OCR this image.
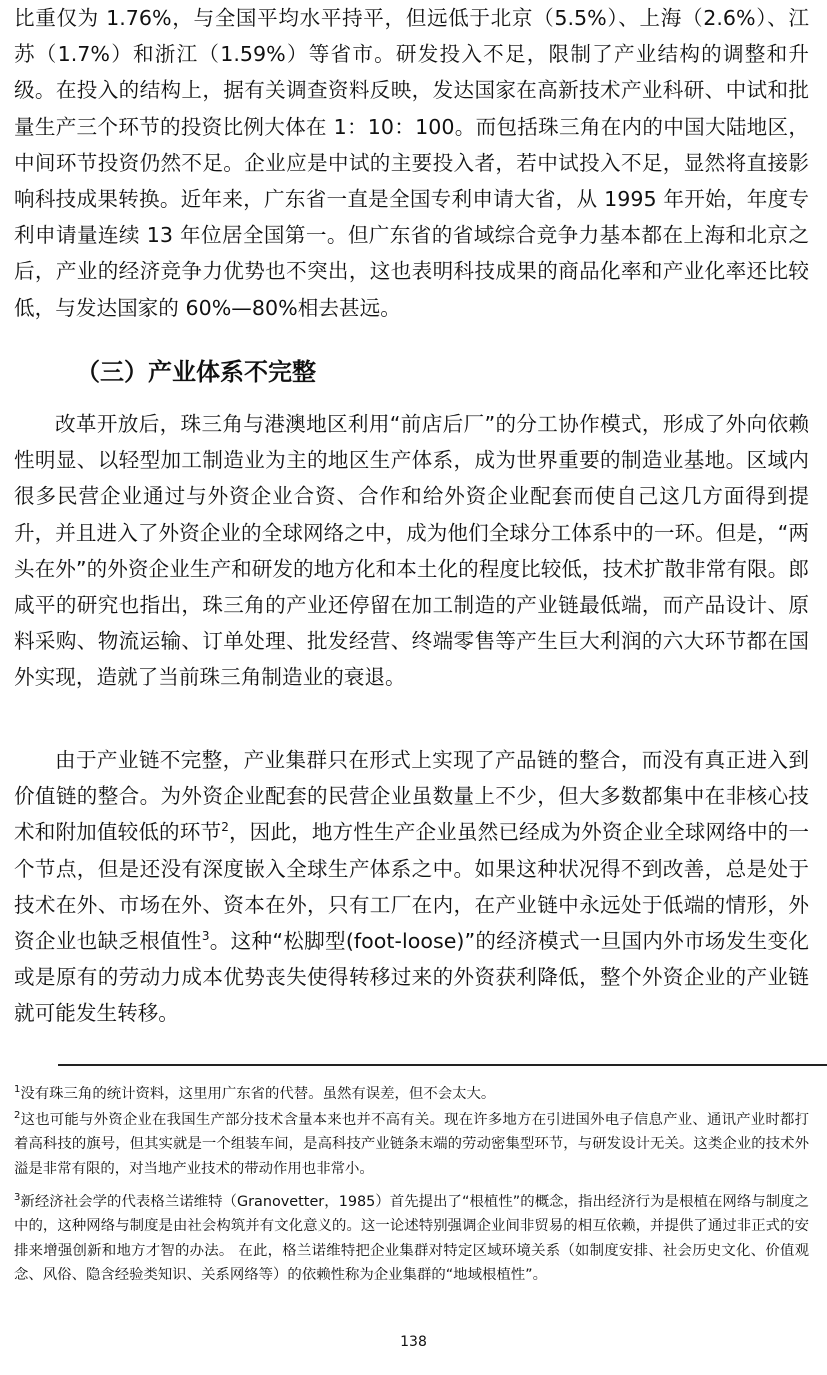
比重仅为 1.76%，与全国平均水平持平，但远低于北京（5.5%）、上海（2.6%）、江苏（1.7%）和浙江（1.59%）等省市。研发投入不足，限制了产业结构的调整和升级。在投入的结构上，据有关调查资料反映，发达国家在高新技术产业科研、中试和批量生产三个环节的投资比例大体在 1：10：100。而包括珠三角在内的中国大陆地区，中间环节投资仍然不足。企业应是中试的主要投入者，若中试投入不足，显然将直接影响科技成果转换。近年来，广东省一直是全国专利申请大省，从 1995 年开始，年度专利申请量连续 13 年位居全国第一。但广东省的省域综合竞争力基本都在上海和北京之后，产业的经济竞争力优势也不突出，这也表明科技成果的商品化率和产业化率还比较低，与发达国家的 60%—80%相去甚远。

（三）产业体系不完整

改革开放后，珠三角与港澳地区利用“前店后厂”的分工协作模式，形成了外向依赖性明显、以轻型加工制造业为主的地区生产体系，成为世界重要的制造业基地。区域内很多民营企业通过与外资企业合资、合作和给外资企业配套而使自己这几方面得到提升，并且进入了外资企业的全球网络之中，成为他们全球分工体系中的一环。但是，“两头在外”的外资企业生产和研发的地方化和本土化的程度比较低，技术扩散非常有限。郎咸平的研究也指出，珠三角的产业还停留在加工制造的产业链最低端，而产品设计、原料采购、物流运输、订单处理、批发经营、终端零售等产生巨大利润的六大环节都在国外实现，造就了当前珠三角制造业的衰退。

由于产业链不完整，产业集群只在形式上实现了产品链的整合，而没有真正进入到价值链的整合。为外资企业配套的民营企业虽数量上不少，但大多数都集中在非核心技术和附加值较低的环节$^2$，因此，地方性生产企业虽然已经成为外资企业全球网络中的一个节点，但是还没有深度嵌入全球生产体系之中。如果这种状况得不到改善，总是处于技术在外、市场在外、资本在外，只有工厂在内，在产业链中永远处于低端的情形，外资企业也缺乏根值性$^3$。这种“松脚型(foot-loose)”的经济模式一旦国内外市场发生变化或是原有的劳动力成本优势丧失使得转移过来的外资获利降低，整个外资企业的产业链就可能发生转移。

$^1$没有珠三角的统计资料，这里用广东省的代替。虽然有误差，但不会太大。

$^2$这也可能与外资企业在我国生产部分技术含量本来也并不高有关。现在许多地方在引进国外电子信息产业、通讯产业时都打着高科技的旗号，但其实就是一个组装车间，是高科技产业链条末端的劳动密集型环节，与研发设计无关。这类企业的技术外溢是非常有限的，对当地产业技术的带动作用也非常小。

$^3$新经济社会学的代表格兰诺维特（Granovetter，1985）首先提出了“根植性”的概念，指出经济行为是根植在网络与制度之中的，这种网络与制度是由社会构筑并有文化意义的。这一论述特别强调企业间非贸易的相互依赖，并提供了通过非正式的安排来增强创新和地方才智的办法。 在此，格兰诺维特把企业集群对特定区域环境关系（如制度安排、社会历史文化、价值观念、风俗、隐含经验类知识、关系网络等）的依赖性称为企业集群的“地域根植性”。

138
